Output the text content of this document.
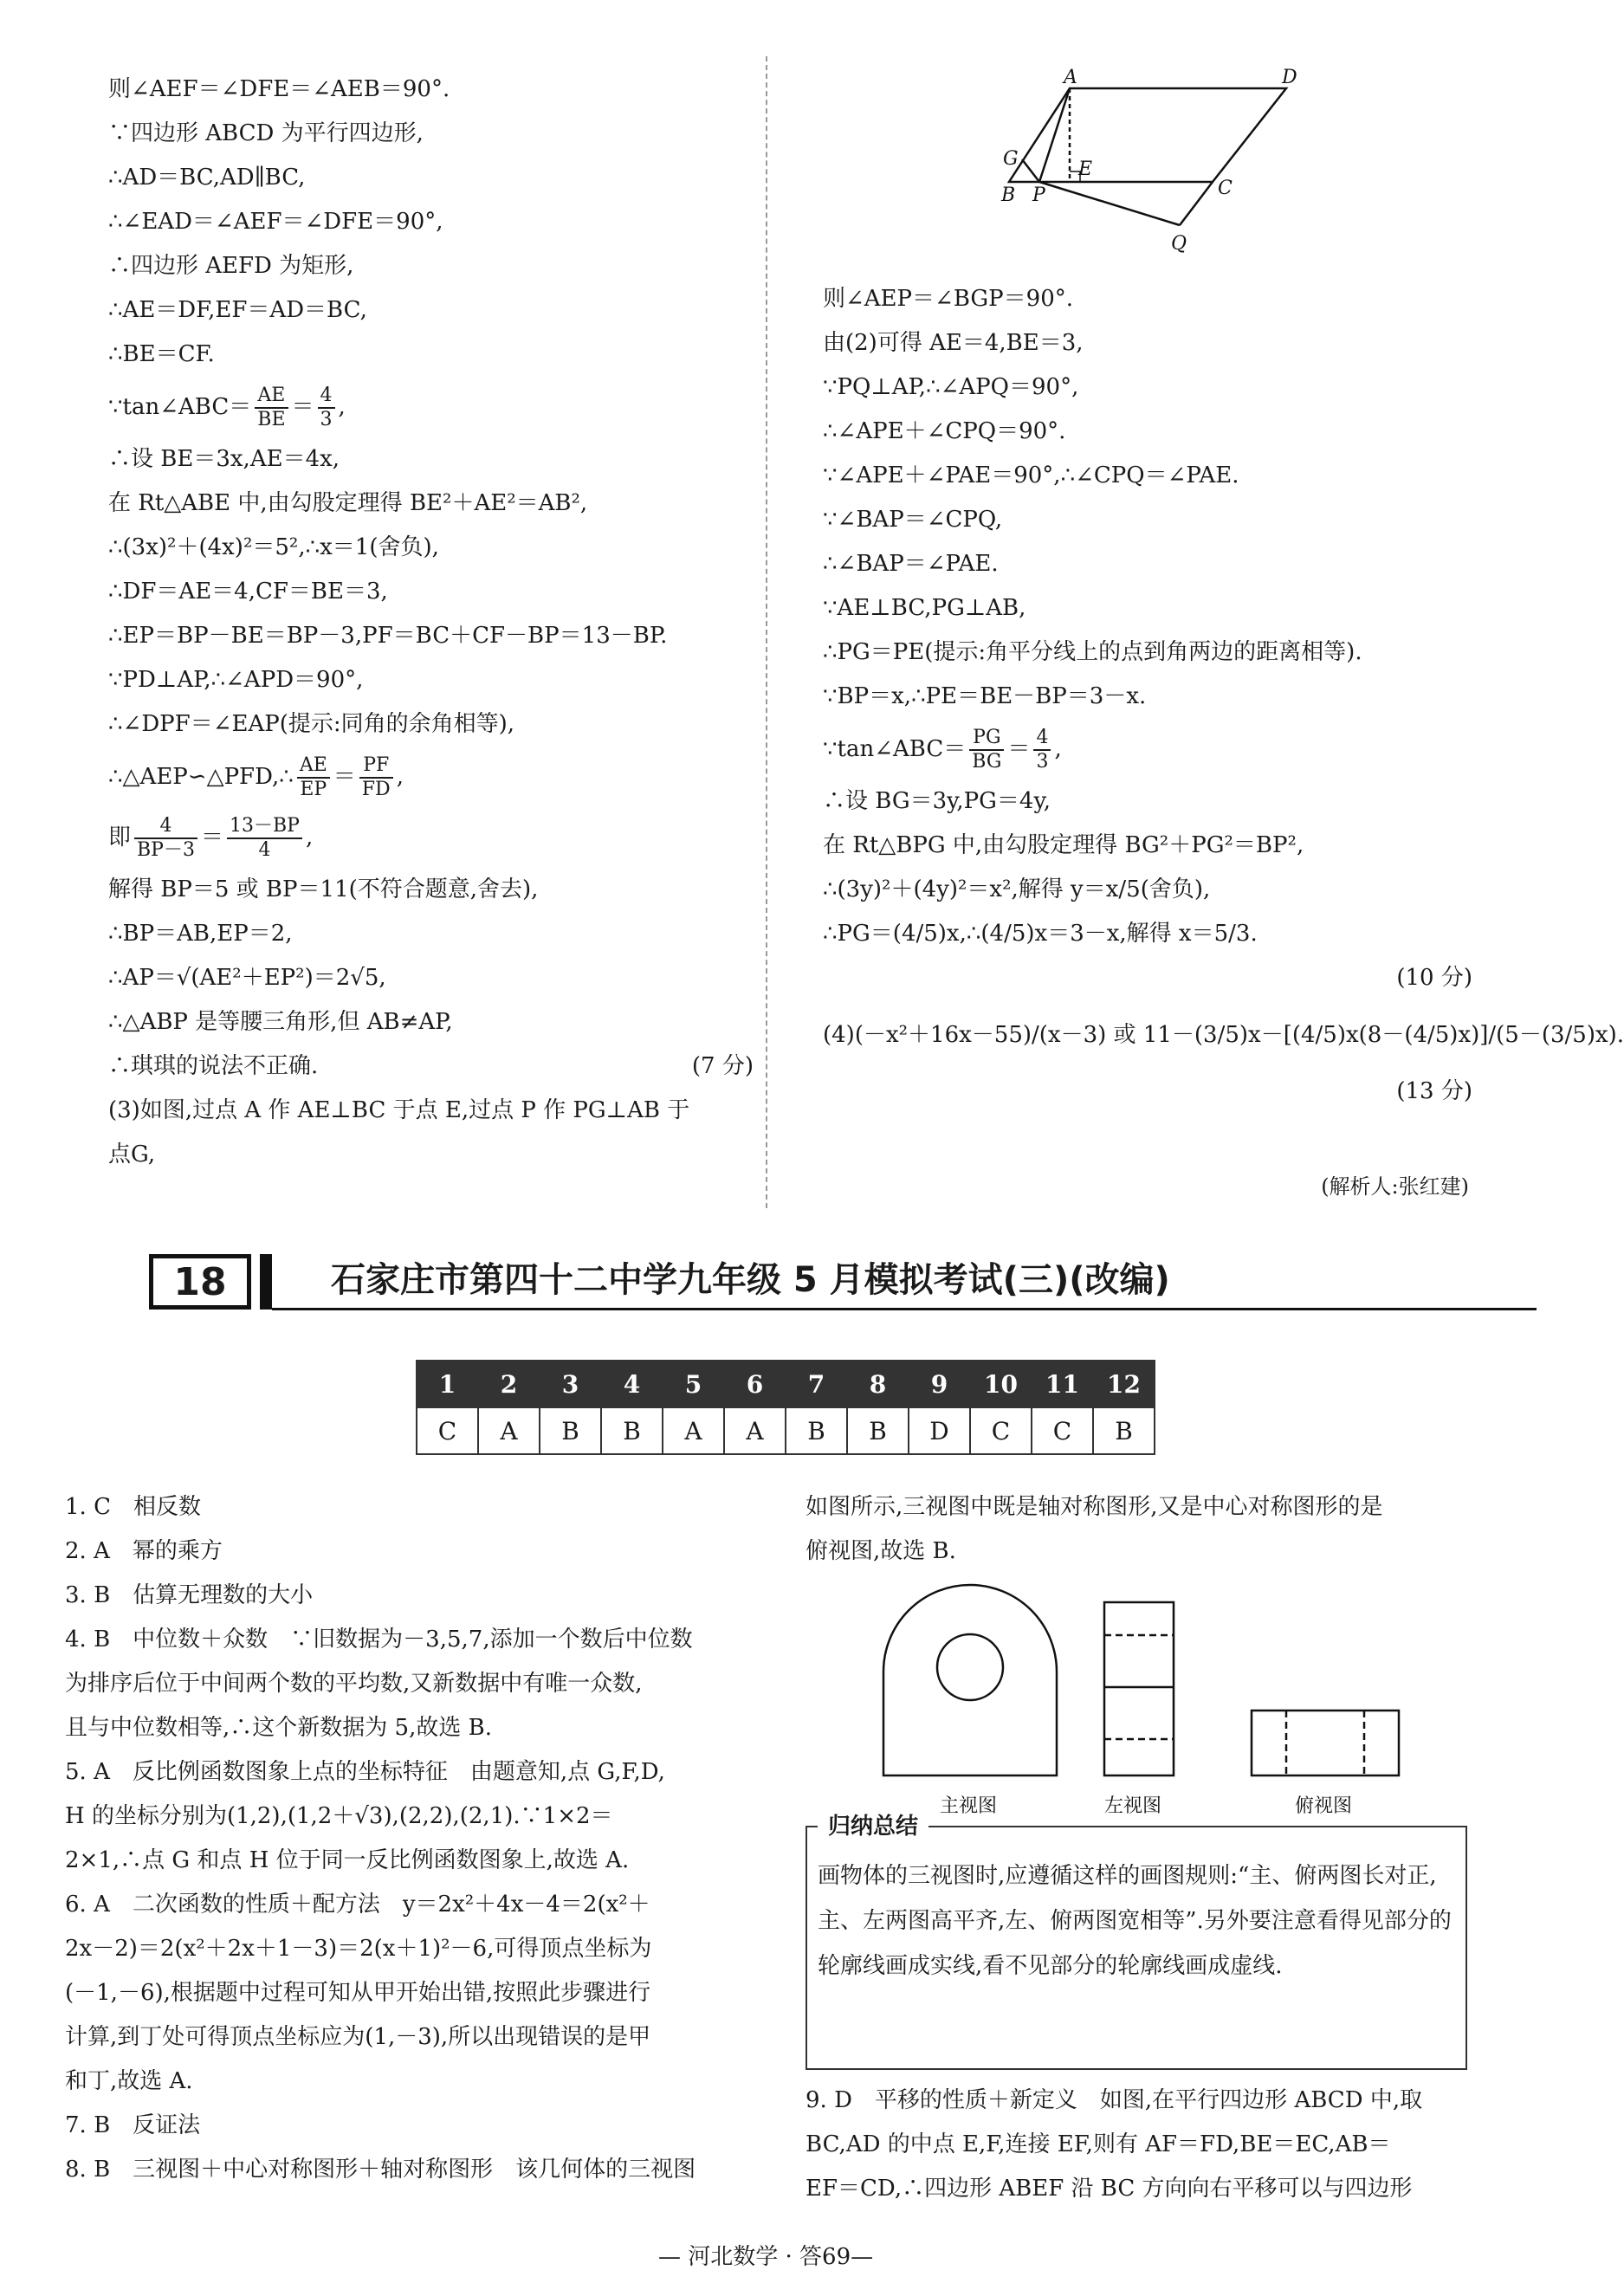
则∠AEF＝∠DFE＝∠AEB＝90°.
∵四边形 ABCD 为平行四边形,
∴AD＝BC,AD∥BC,
∴∠EAD＝∠AEF＝∠DFE＝90°,
∴四边形 AEFD 为矩形,
∴AE＝DF,EF＝AD＝BC,
∴BE＝CF.
∵tan∠ABC＝ $\frac{AE}{BE} = \frac{4}{3}$ ,
∴设 BE＝3x,AE＝4x,
在 Rt△ABE 中,由勾股定理得 BE²＋AE²＝AB²,
∴(3x)²＋(4x)²＝5²,∴x＝1(舍负),
∴DF＝AE＝4,CF＝BE＝3,
∴EP＝BP－BE＝BP－3,PF＝BC＋CF－BP＝13－BP.
∵PD⊥AP,∴∠APD＝90°,
∴∠DPF＝∠EAP(提示:同角的余角相等),
∴△AEP∽△PFD,∴ $\frac{AE}{EP} = \frac{PF}{FD}$ ,
即 $\frac{4}{BP-3} = \frac{13-BP}{4}$ ,
解得 BP＝5 或 BP＝11(不符合题意,舍去),
∴BP＝AB,EP＝2,
∴AP＝√(AE²＋EP²)＝2√5,
∴△ABP 是等腰三角形,但 AB≠AP,
∴琪琪的说法不正确.	(7 分)
(3)如图,过点 A 作 AE⊥BC 于点 E,过点 P 作 PG⊥AB 于
点G,
A	D
G	E
B P	C
Q
则∠AEP＝∠BGP＝90°.
由(2)可得 AE＝4,BE＝3,
∵PQ⊥AP,∴∠APQ＝90°,
∴∠APE＋∠CPQ＝90°.
∵∠APE＋∠PAE＝90°,∴∠CPQ＝∠PAE.
∵∠BAP＝∠CPQ,
∴∠BAP＝∠PAE.
∵AE⊥BC,PG⊥AB,
∴PG＝PE(提示:角平分线上的点到角两边的距离相等).
∵BP＝x,∴PE＝BE－BP＝3－x.
∵tan∠ABC＝ $\frac{PG}{BG} = \frac{4}{3}$ ,
∴设 BG＝3y,PG＝4y,
在 Rt△BPG 中,由勾股定理得 BG²＋PG²＝BP²,
∴(3y)²＋(4y)²＝x²,解得 y＝x/5(舍负),
∴PG＝(4/5)x,∴(4/5)x＝3－x,解得 x＝5/3.
(10 分)
(4)(－x²＋16x－55)/(x－3) 或 11－(3/5)x－[(4/5)x(8－(4/5)x)]/(5－(3/5)x).
(13 分)
(解析人:张红建)
18	石家庄市第四十二中学九年级 5 月模拟考试(三)(改编)
1	2	3	4	5	6	7	8	9	10	11	12
C	A	B	B	A	A	B	B	D	C	C	B
1. C　相反数
2. A　幂的乘方
3. B　估算无理数的大小
4. B　中位数＋众数　∵旧数据为－3,5,7,添加一个数后中位数
为排序后位于中间两个数的平均数,又新数据中有唯一众数,
且与中位数相等,∴这个新数据为 5,故选 B.
5. A　反比例函数图象上点的坐标特征　由题意知,点 G,F,D,
H 的坐标分别为(1,2),(1,2＋√3),(2,2),(2,1).∵1×2＝
2×1,∴点 G 和点 H 位于同一反比例函数图象上,故选 A.
6. A　二次函数的性质＋配方法　y＝2x²＋4x－4＝2(x²＋
2x－2)＝2(x²＋2x＋1－3)＝2(x＋1)²－6,可得顶点坐标为
(－1,－6),根据题中过程可知从甲开始出错,按照此步骤进行
计算,到丁处可得顶点坐标应为(1,－3),所以出现错误的是甲
和丁,故选 A.
7. B　反证法
8. B　三视图＋中心对称图形＋轴对称图形　该几何体的三视图
如图所示,三视图中既是轴对称图形,又是中心对称图形的是
俯视图,故选 B.
主视图	左视图	俯视图
归纳总结
画物体的三视图时,应遵循这样的画图规则:“主、俯两图长对正,主、左两图高平齐,左、俯两图宽相等”.另外要注意看得见部分的轮廓线画成实线,看不见部分的轮廓线画成虚线.
9. D　平移的性质＋新定义　如图,在平行四边形 ABCD 中,取
BC,AD 的中点 E,F,连接 EF,则有 AF＝FD,BE＝EC,AB＝
EF＝CD,∴四边形 ABEF 沿 BC 方向向右平移可以与四边形
— 河北数学 · 答69—
